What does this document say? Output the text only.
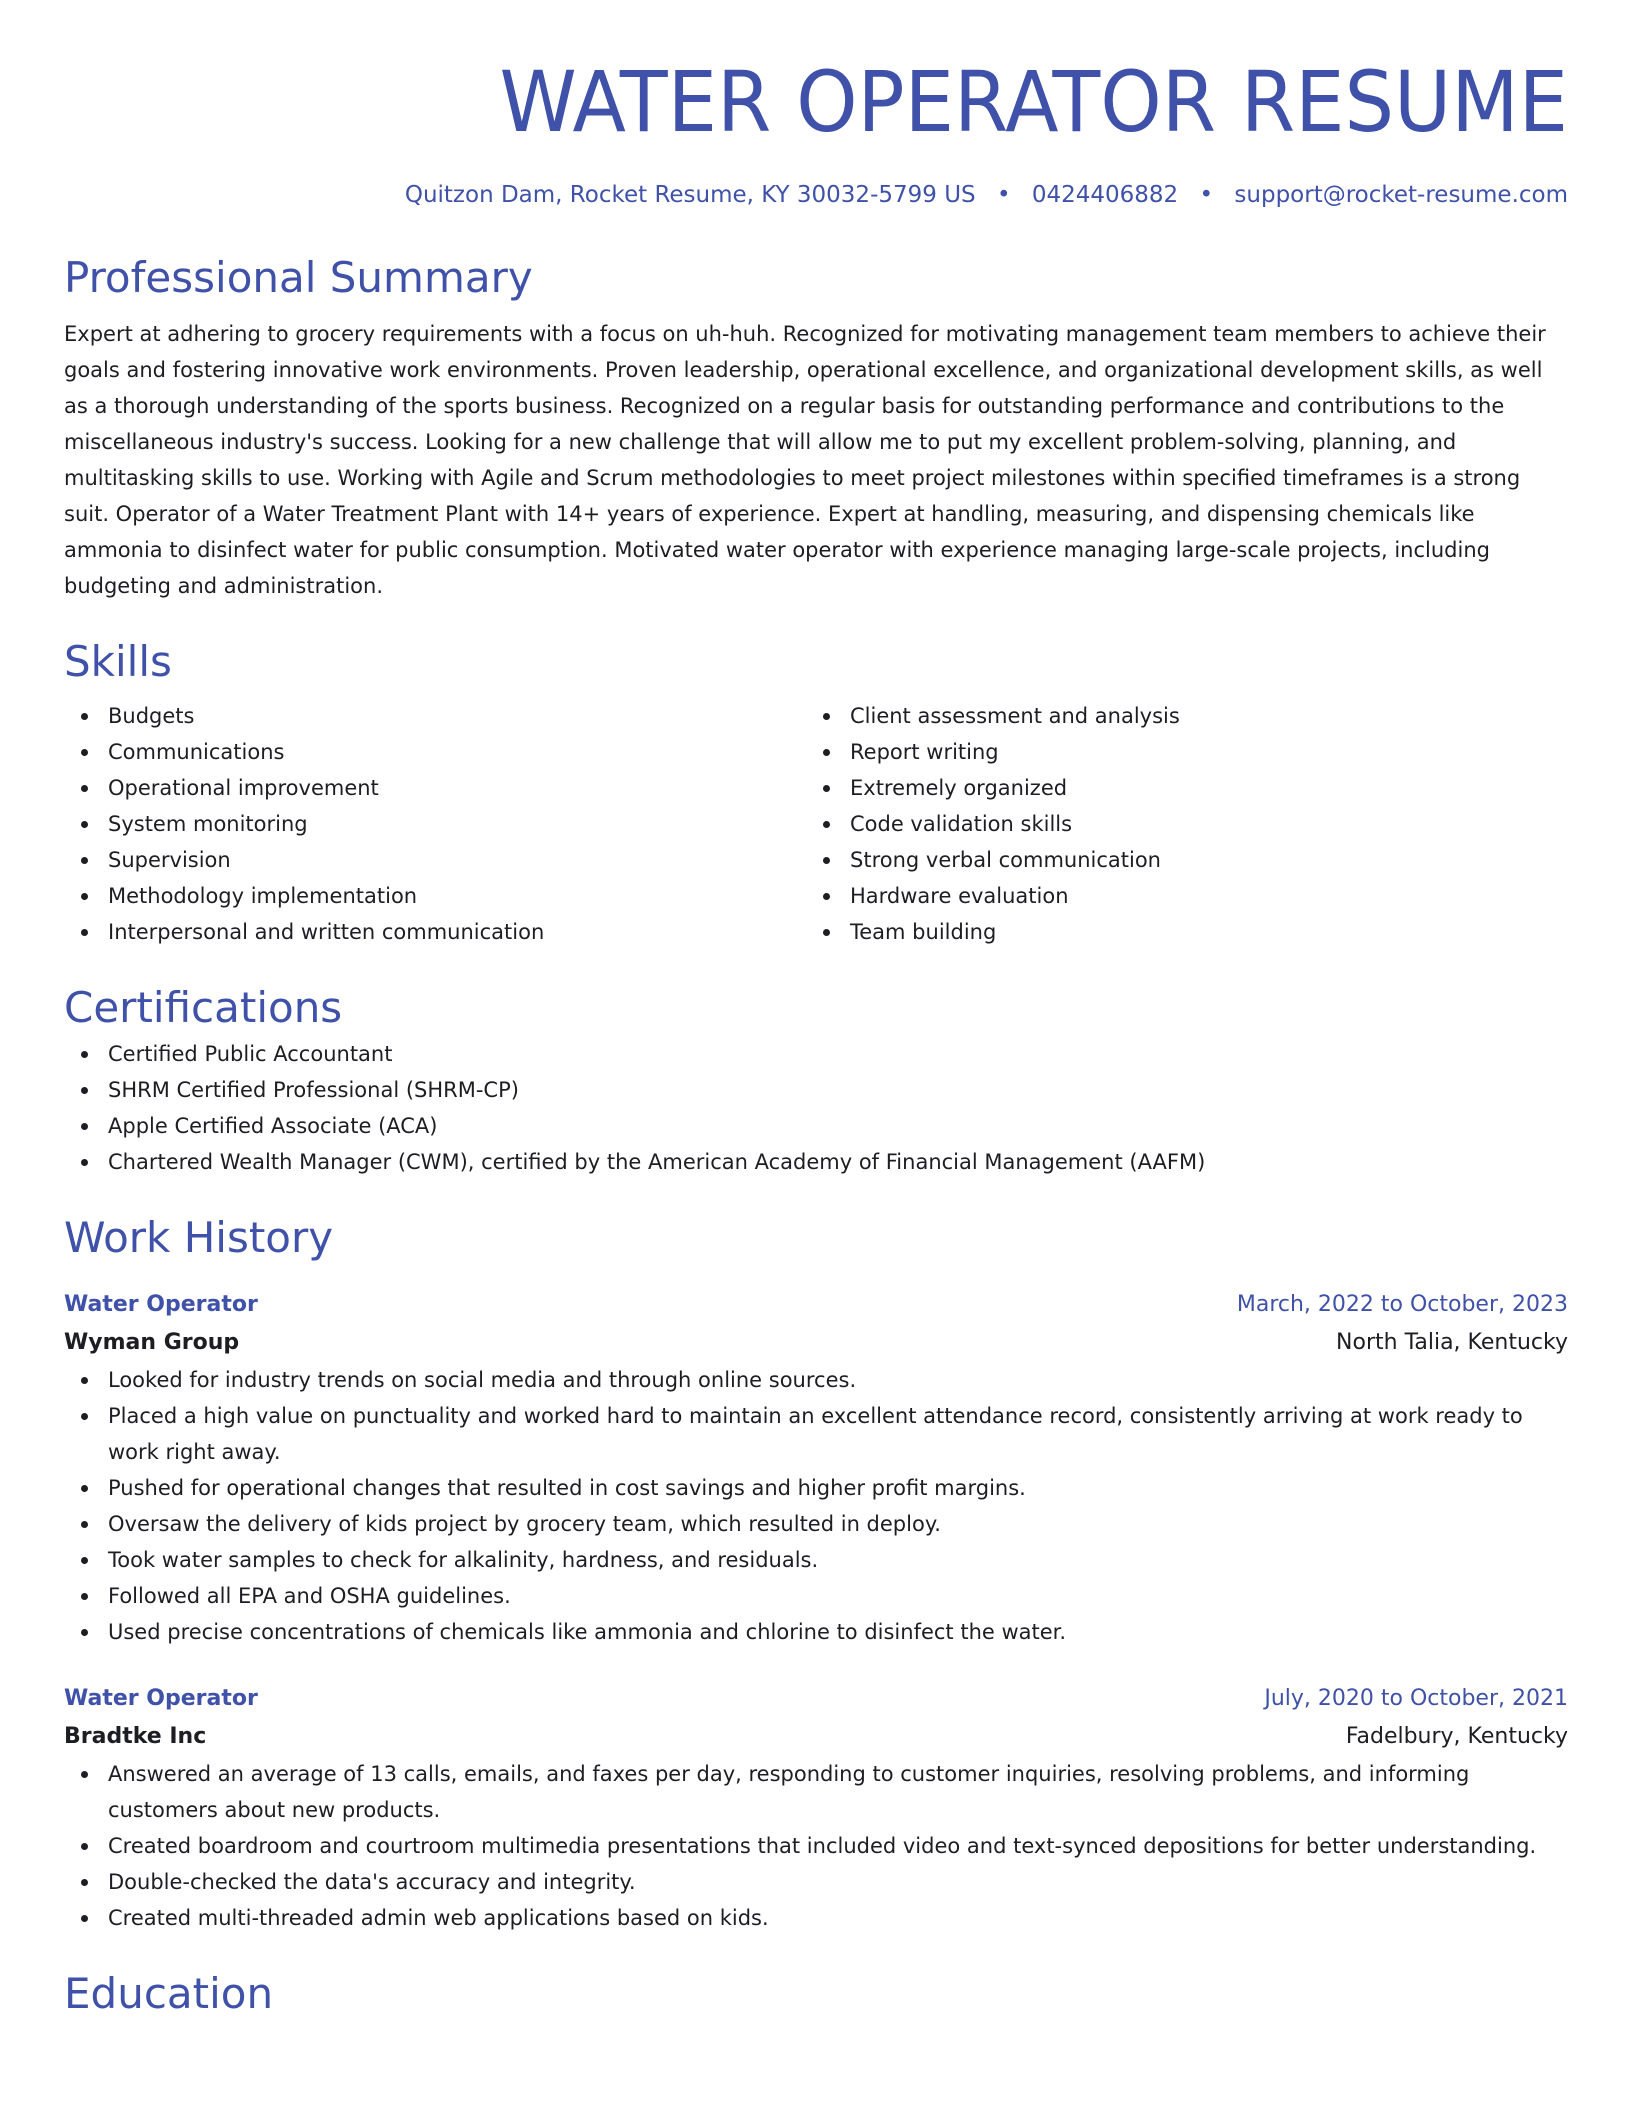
WATER OPERATOR RESUME
Quitzon Dam, Rocket Resume, KY 30032-5799 US • 0424406882 • support@rocket-resume.com
Professional Summary
Expert at adhering to grocery requirements with a focus on uh-huh. Recognized for motivating management team members to achieve their goals and fostering innovative work environments. Proven leadership, operational excellence, and organizational development skills, as well as a thorough understanding of the sports business. Recognized on a regular basis for outstanding performance and contributions to the miscellaneous industry's success. Looking for a new challenge that will allow me to put my excellent problem-solving, planning, and multitasking skills to use. Working with Agile and Scrum methodologies to meet project milestones within specified timeframes is a strong suit. Operator of a Water Treatment Plant with 14+ years of experience. Expert at handling, measuring, and dispensing chemicals like ammonia to disinfect water for public consumption. Motivated water operator with experience managing large-scale projects, including budgeting and administration.
Skills
Budgets
Communications
Operational improvement
System monitoring
Supervision
Methodology implementation
Interpersonal and written communication
Client assessment and analysis
Report writing
Extremely organized
Code validation skills
Strong verbal communication
Hardware evaluation
Team building
Certifications
Certified Public Accountant
SHRM Certified Professional (SHRM-CP)
Apple Certified Associate (ACA)
Chartered Wealth Manager (CWM), certified by the American Academy of Financial Management (AAFM)
Work History
Water Operator	March, 2022 to October, 2023
Wyman Group	North Talia, Kentucky
Looked for industry trends on social media and through online sources.
Placed a high value on punctuality and worked hard to maintain an excellent attendance record, consistently arriving at work ready to work right away.
Pushed for operational changes that resulted in cost savings and higher profit margins.
Oversaw the delivery of kids project by grocery team, which resulted in deploy.
Took water samples to check for alkalinity, hardness, and residuals.
Followed all EPA and OSHA guidelines.
Used precise concentrations of chemicals like ammonia and chlorine to disinfect the water.
Water Operator	July, 2020 to October, 2021
Bradtke Inc	Fadelbury, Kentucky
Answered an average of 13 calls, emails, and faxes per day, responding to customer inquiries, resolving problems, and informing customers about new products.
Created boardroom and courtroom multimedia presentations that included video and text-synced depositions for better understanding.
Double-checked the data's accuracy and integrity.
Created multi-threaded admin web applications based on kids.
Education
